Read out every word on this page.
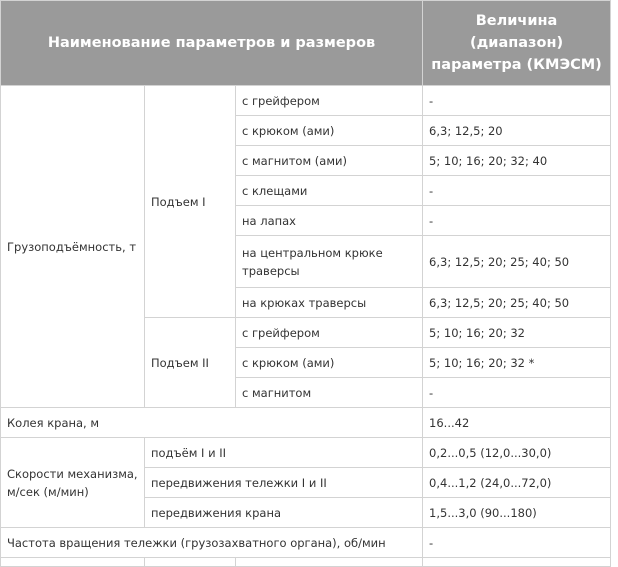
Наименование параметров и размеров			Величина (диапазон) параметра (КМЭСМ)
Грузоподъёмность, т	Подъем I	с грейфером	-
		с крюком (ами)	6,3; 12,5; 20
		с магнитом (ами)	5; 10; 16; 20; 32; 40
		с клещами	-
		на лапах	-
		на центральном крюке траверсы	6,3; 12,5; 20; 25; 40; 50
		на крюках траверсы	6,3; 12,5; 20; 25; 40; 50
	Подъем II	с грейфером	5; 10; 16; 20; 32
		с крюком (ами)	5; 10; 16; 20; 32 *
		с магнитом	-
Колея крана, м			16...42
Скорости механизма, м/сек (м/мин)	подъём I и II		0,2...0,5 (12,0...30,0)
	передвижения тележки I и II		0,4...1,2 (24,0...72,0)
	передвижения крана		1,5...3,0 (90...180)
Частота вращения тележки (грузозахватного органа), об/мин			-
